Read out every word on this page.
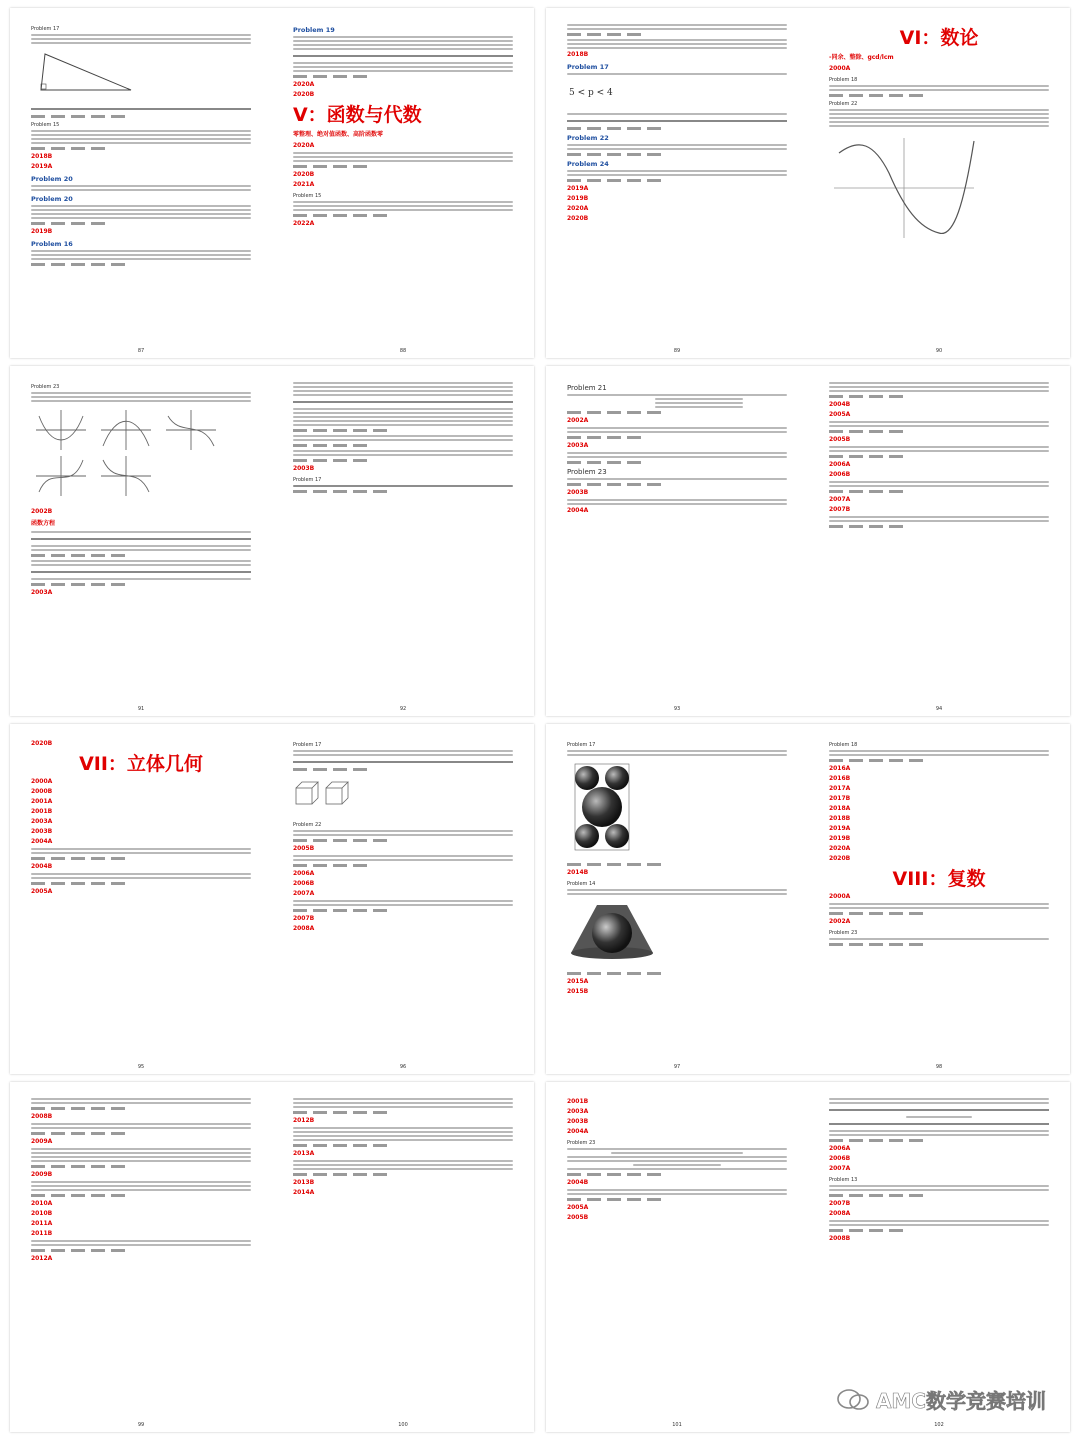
Problem 17
Problem 15
2018B
2019A
Problem 20
Problem 20
2019B
Problem 16
87
Problem 19
2020A
2020B
V：函数与代数
零整理、绝对值函数、高阶函数零
2020A
2020B
2021A
Problem 15
2022A
88
2018B
Problem 17
5 < p < 4
Problem 22
Problem 24
2019A
2019B
2020A
2020B
89
VI：数论
-同余、整除、gcd/lcm
2000A
Problem 18
Problem 22
90
Problem 23
2002B
函数方程
2003A
91
2003B
Problem 17
92
Problem 21
2002A
2003A
Problem 23
2003B
2004A
93
2004B
2005A
2005B
2006A
2006B
2007A
2007B
94
2020B
VII：立体几何
2000A
2000B
2001A
2001B
2003A
2003B
2004A
2004B
2005A
95
Problem 17
Problem 22
2005B
2006A
2006B
2007A
2007B
2008A
96
Problem 17
2014B
Problem 14
2015A
2015B
97
Problem 18
2016A
2016B
2017A
2017B
2018A
2018B
2019A
2019B
2020A
2020B
VIII：复数
2000A
2002A
Problem 23
98
2008B
2009A
2009B
2010A
2010B
2011A
2011B
2012A
99
2012B
2013A
2013B
2014A
100
2001B
2003A
2003B
2004A
Problem 23
2004B
2005A
2005B
101
2006A
2006B
2007A
Problem 13
2007B
2008A
2008B
102
AMC数学竞赛培训
